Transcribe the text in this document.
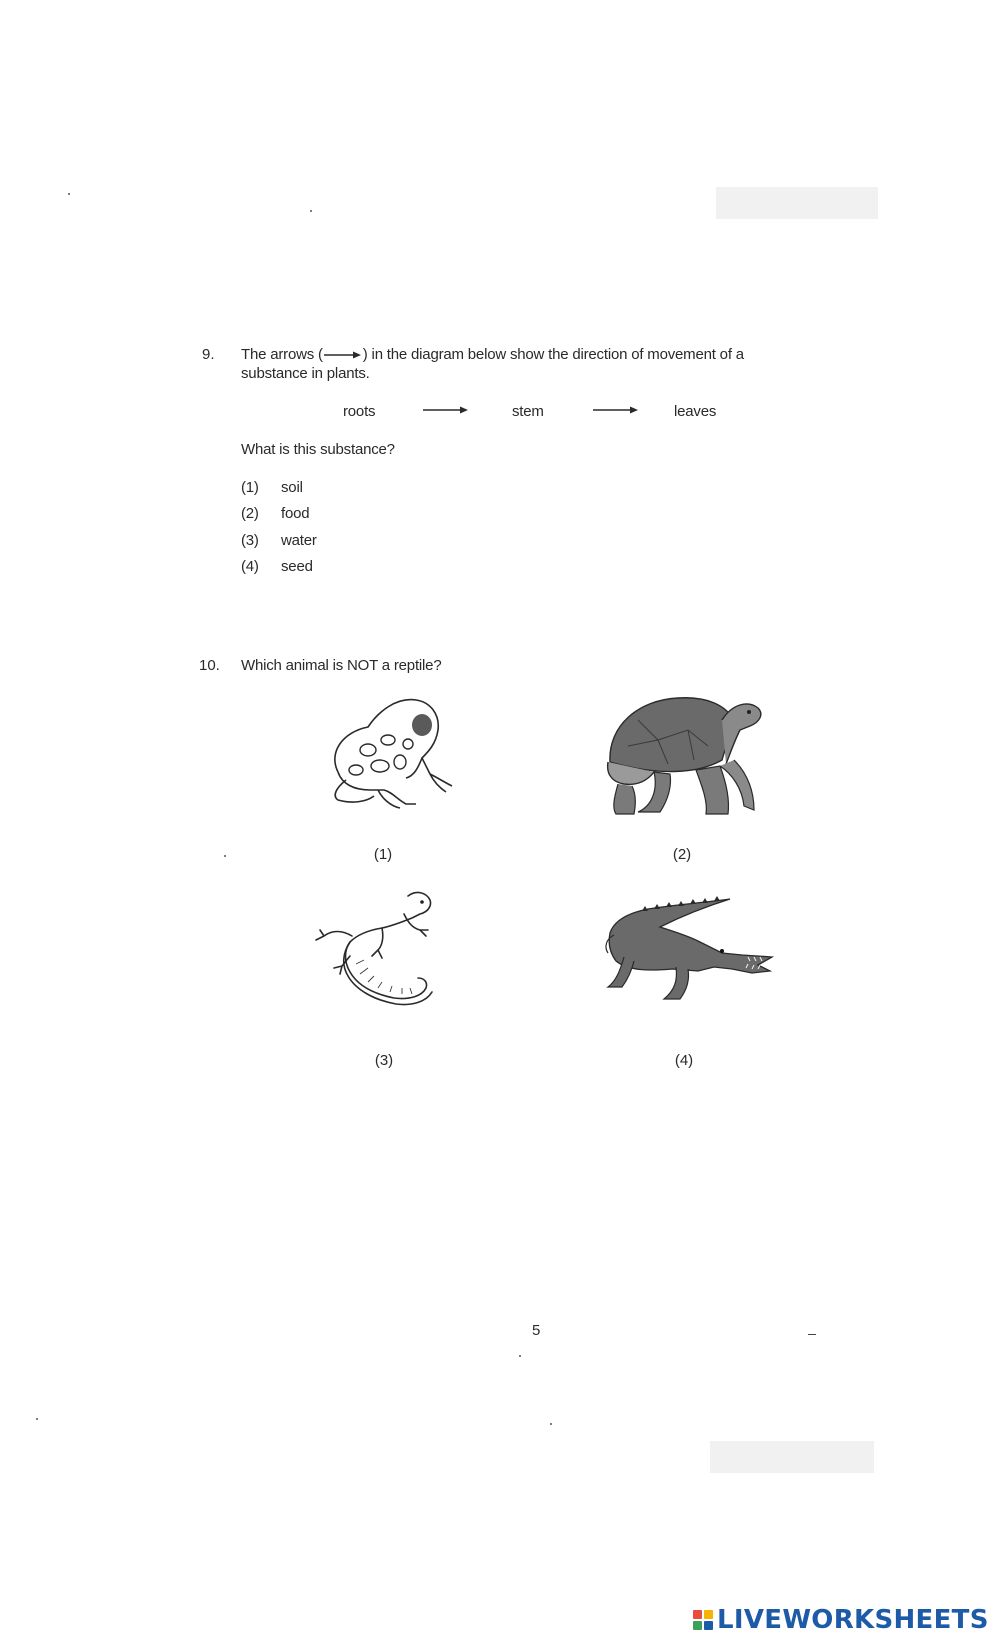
9. The arrows (	) in the diagram below show the direction of movement of a
substance in plants.
roots	stem	leaves
What is this substance?
(1) soil
(2) food
(3) water
(4) seed
10. Which animal is NOT a reptile?
(1)	(2)
(3)	(4)
5
LIVEWORKSHEETS
